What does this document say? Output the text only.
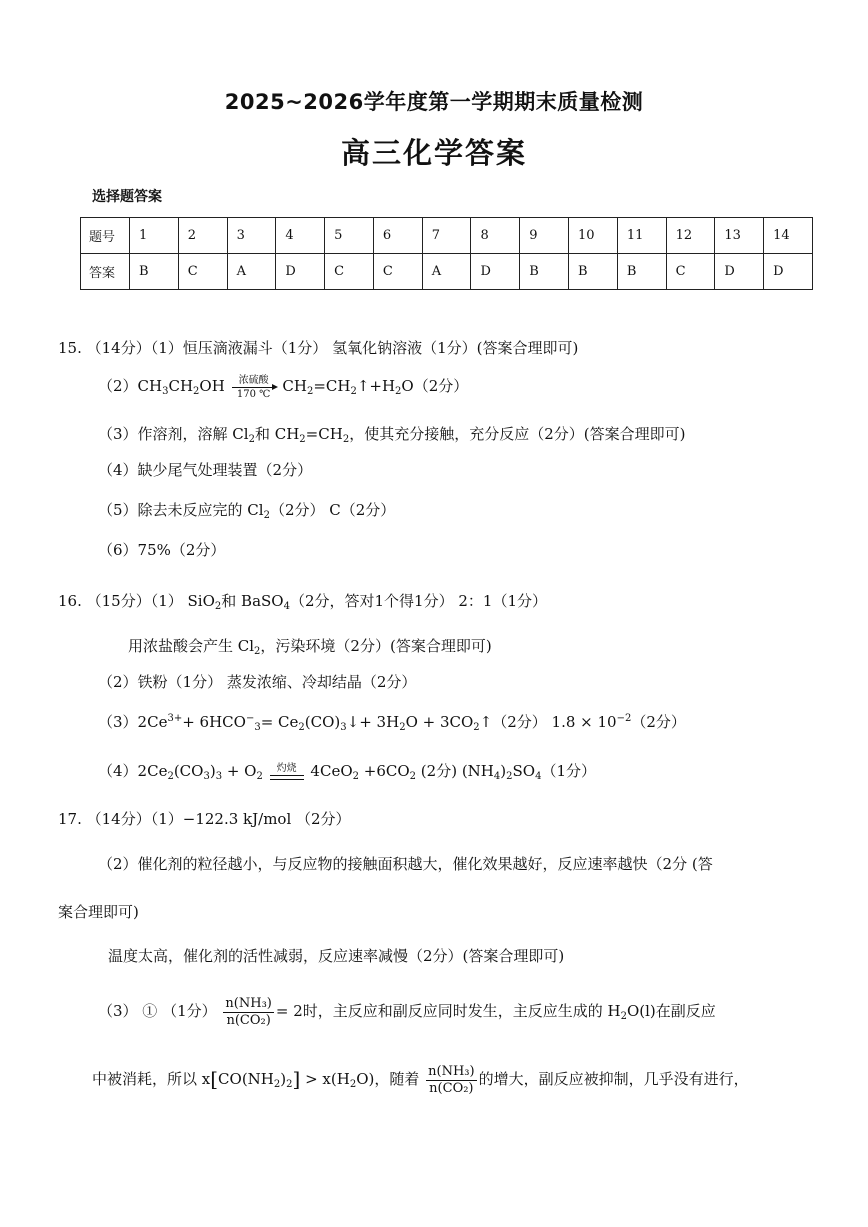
2025~2026学年度第一学期期末质量检测
高三化学答案
选择题答案
题号	1	2	3	4	5	6	7	8	9	10	11	12	13	14
答案	B	C	A	D	C	C	A	D	B	B	B	C	D	D
15. （14分）（1）恒压滴液漏斗（1分） 氢氧化钠溶液（1分）(答案合理即可)
$(2)CH_3CH_2OH$	浓硫酸
170 ℃ $CH_2=CH_2↑+H_2O(2$分）
（3）作溶剂，溶解 $Cl_2$和 $CH_2=CH_2$，使其充分接触，充分反应（2分）(答案合理即可)
（4）缺少尾气处理装置（2分）
（5）除去未反应完的 $Cl_2(2$分） C（2分）
（6）75%（2分）
16. （15分）（1） SiO$_2$和 BaSO$_4$（2分，答对1个得1分） 2：1（1分）
用浓盐酸会产生 $Cl_2$，污染环境（2分）(答案合理即可)
（2）铁粉（1分） 蒸发浓缩、冷却结晶（2分）
$(3)2Ce^{3+}+ 6HCO^-_3=$ $Ce_2(CO)_3↓+ 3H_2O$ + $3CO_2↑(2$分） $1.8 \times 10^{-2}(2$分）
$(4)2Ce_2(CO_3)_3 + O_2$ 灼烧 $4CeO_2 +6CO_2$ (2分) $(NH_4)_2SO_4(1$分）
17. （14分）（1）−122.3 kJ/mol （2分）
（2）催化剂的粒径越小，与反应物的接触面积越大，催化效果越好，反应速率越快（2分 (答
案合理即可)
温度太高，催化剂的活性减弱，反应速率减慢（2分）(答案合理即可)
（3） ① （1分） $\frac{\text{n(NH₃)}}{\text{n(CO₂)}} = 2$时，主反应和副反应同时发生，主反应生成的 $H_2O(l)$在副反应
中被消耗，所以 $x[CO(NH_2)_2] > x(H_2O)$，随着 $\frac{\text{n(NH₃)}}{\text{n(CO₂)}}$ 的增大，副反应被抑制，几乎没有进行，
